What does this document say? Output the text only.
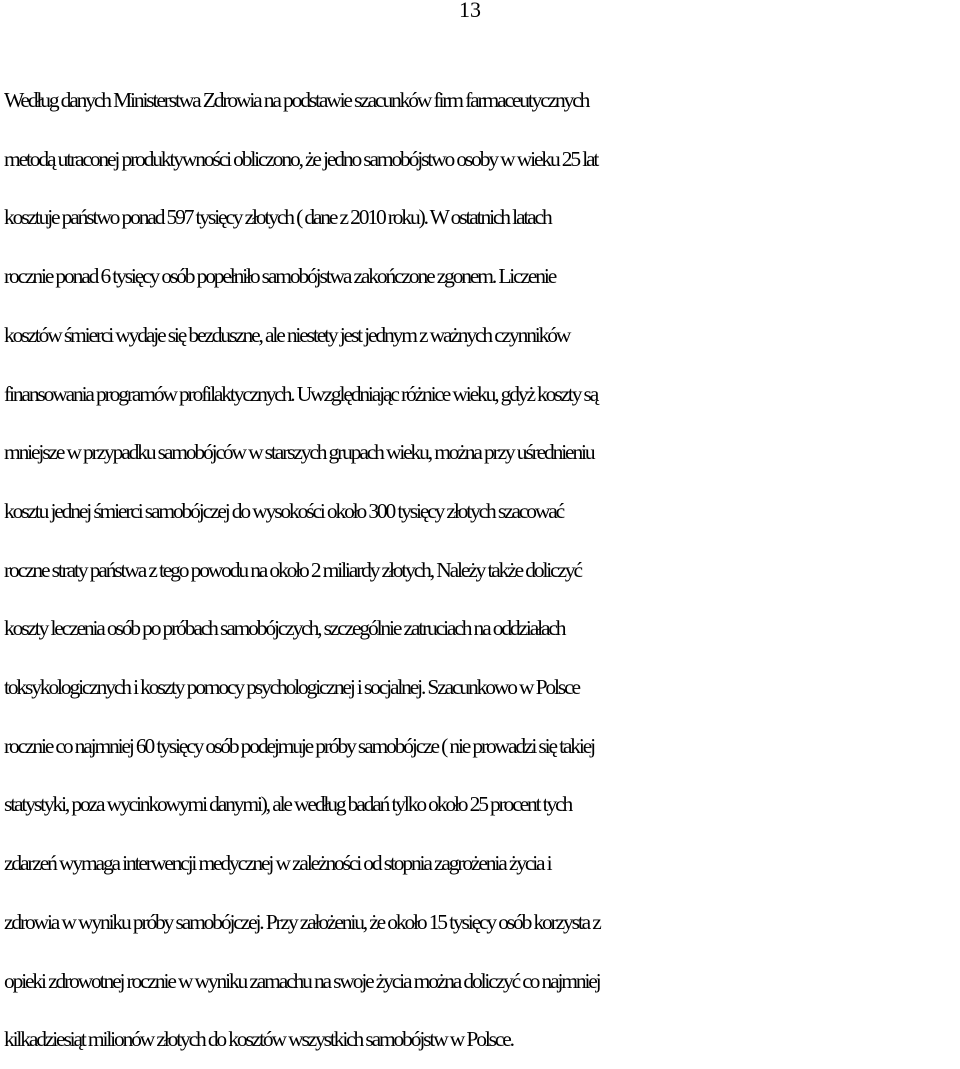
13
Według danych Ministerstwa Zdrowia na podstawie szacunków firm farmaceutycznych
metodą utraconej produktywności obliczono, że jedno samobójstwo osoby w wieku 25 lat
kosztuje państwo ponad 597 tysięcy złotych ( dane z 2010 roku). W ostatnich latach
rocznie ponad 6 tysięcy osób popełniło samobójstwa zakończone zgonem. Liczenie
kosztów śmierci wydaje się bezduszne, ale niestety jest jednym z ważnych czynników
finansowania programów profilaktycznych. Uwzględniając różnice wieku, gdyż koszty są
mniejsze w przypadku samobójców w starszych grupach wieku, można przy uśrednieniu
kosztu jednej śmierci samobójczej do wysokości około 300 tysięcy złotych szacować
roczne straty państwa z tego powodu na około 2 miliardy złotych, Należy także doliczyć
koszty leczenia osób po próbach samobójczych, szczególnie zatruciach na oddziałach
toksykologicznych i koszty pomocy psychologicznej i socjalnej. Szacunkowo w Polsce
rocznie co najmniej 60 tysięcy osób podejmuje próby samobójcze ( nie prowadzi się takiej
statystyki, poza wycinkowymi danymi), ale według badań tylko około 25 procent tych
zdarzeń wymaga interwencji medycznej w zależności od stopnia zagrożenia życia i
zdrowia w wyniku próby samobójczej. Przy założeniu, że około 15 tysięcy osób korzysta z
opieki zdrowotnej rocznie w wyniku zamachu na swoje życia można doliczyć co najmniej
kilkadziesiąt milionów złotych do kosztów wszystkich samobójstw w Polsce.
